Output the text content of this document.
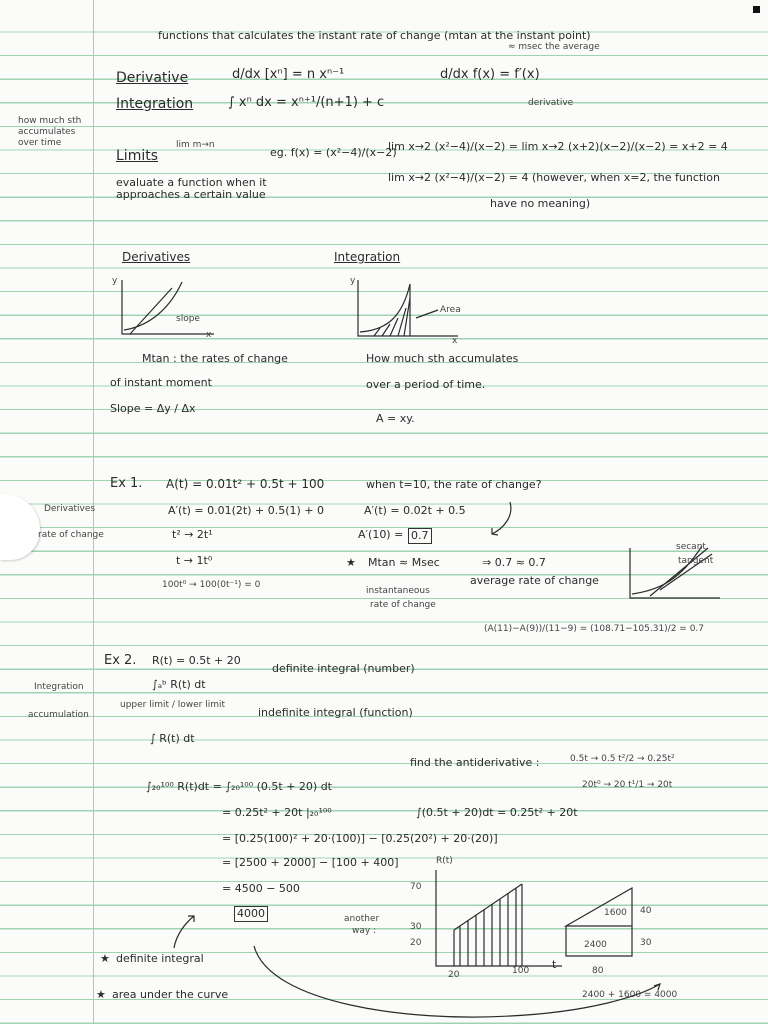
functions that calculates the instant rate of change (mtan at the instant point)
≈ msec the average
Derivative	d/dx [xⁿ] = n xⁿ⁻¹	d/dx f(x) = f′(x)
derivative
Integration	∫ xⁿ dx = xⁿ⁺¹/(n+1) + c
how much sth accumulates over time
Limits
lim m→n
eg. f(x) = (x²−4)/(x−2)
lim x→2 (x²−4)/(x−2) = lim x→2 (x+2)(x−2)/(x−2) = x+2 = 4
lim x→2 (x²−4)/(x−2) = 4 (however, when x=2, the function
have no meaning)
evaluate a function when it
approaches a certain value
Derivatives	Integration
y
x
slope
y
x
Area
Mtan : the rates of change
of instant moment
Slope = Δy / Δx
How much sth accumulates
over a period of time.
A = xy.
Ex 1. A(t) = 0.01t² + 0.5t + 100	when t=10, the rate of change?
Derivatives
rate of change
A′(t) = 0.01(2t) + 0.5(1) + 0	A′(t) = 0.02t + 0.5
t² → 2t¹
t → 1t⁰
100t⁰ → 100(0t⁻¹) = 0
A′(10) = 0.7
★ Mtan ≈ Msec	⇒ 0.7 ≈ 0.7
average rate of change
instantaneous
rate of change
secant
tangent
(A(11)−A(9))/(11−9) = (108.71−105.31)/2 = 0.7
Ex 2. R(t) = 0.5t + 20
Integration
accumulation
∫ₐᵇ R(t) dt
definite integral (number)
upper limit / lower limit
indefinite integral (function)
∫ R(t) dt
find the antiderivative :	0.5t → 0.5 t²/2 → 0.25t²
20t⁰ → 20 t¹/1 → 20t
∫₂₀¹⁰⁰ R(t)dt = ∫₂₀¹⁰⁰ (0.5t + 20) dt
= 0.25t² + 20t |₂₀¹⁰⁰	∫(0.5t + 20)dt = 0.25t² + 20t
= [0.25(100)² + 20·(100)] − [0.25(20²) + 20·(20)]
= [2500 + 2000] − [100 + 400]
= 4500 − 500
4000
R(t)
70
30
20
20	100 t
another
way :
1600 40
2400	30
80
2400 + 1600 = 4000
★ definite integral
★ area under the curve
